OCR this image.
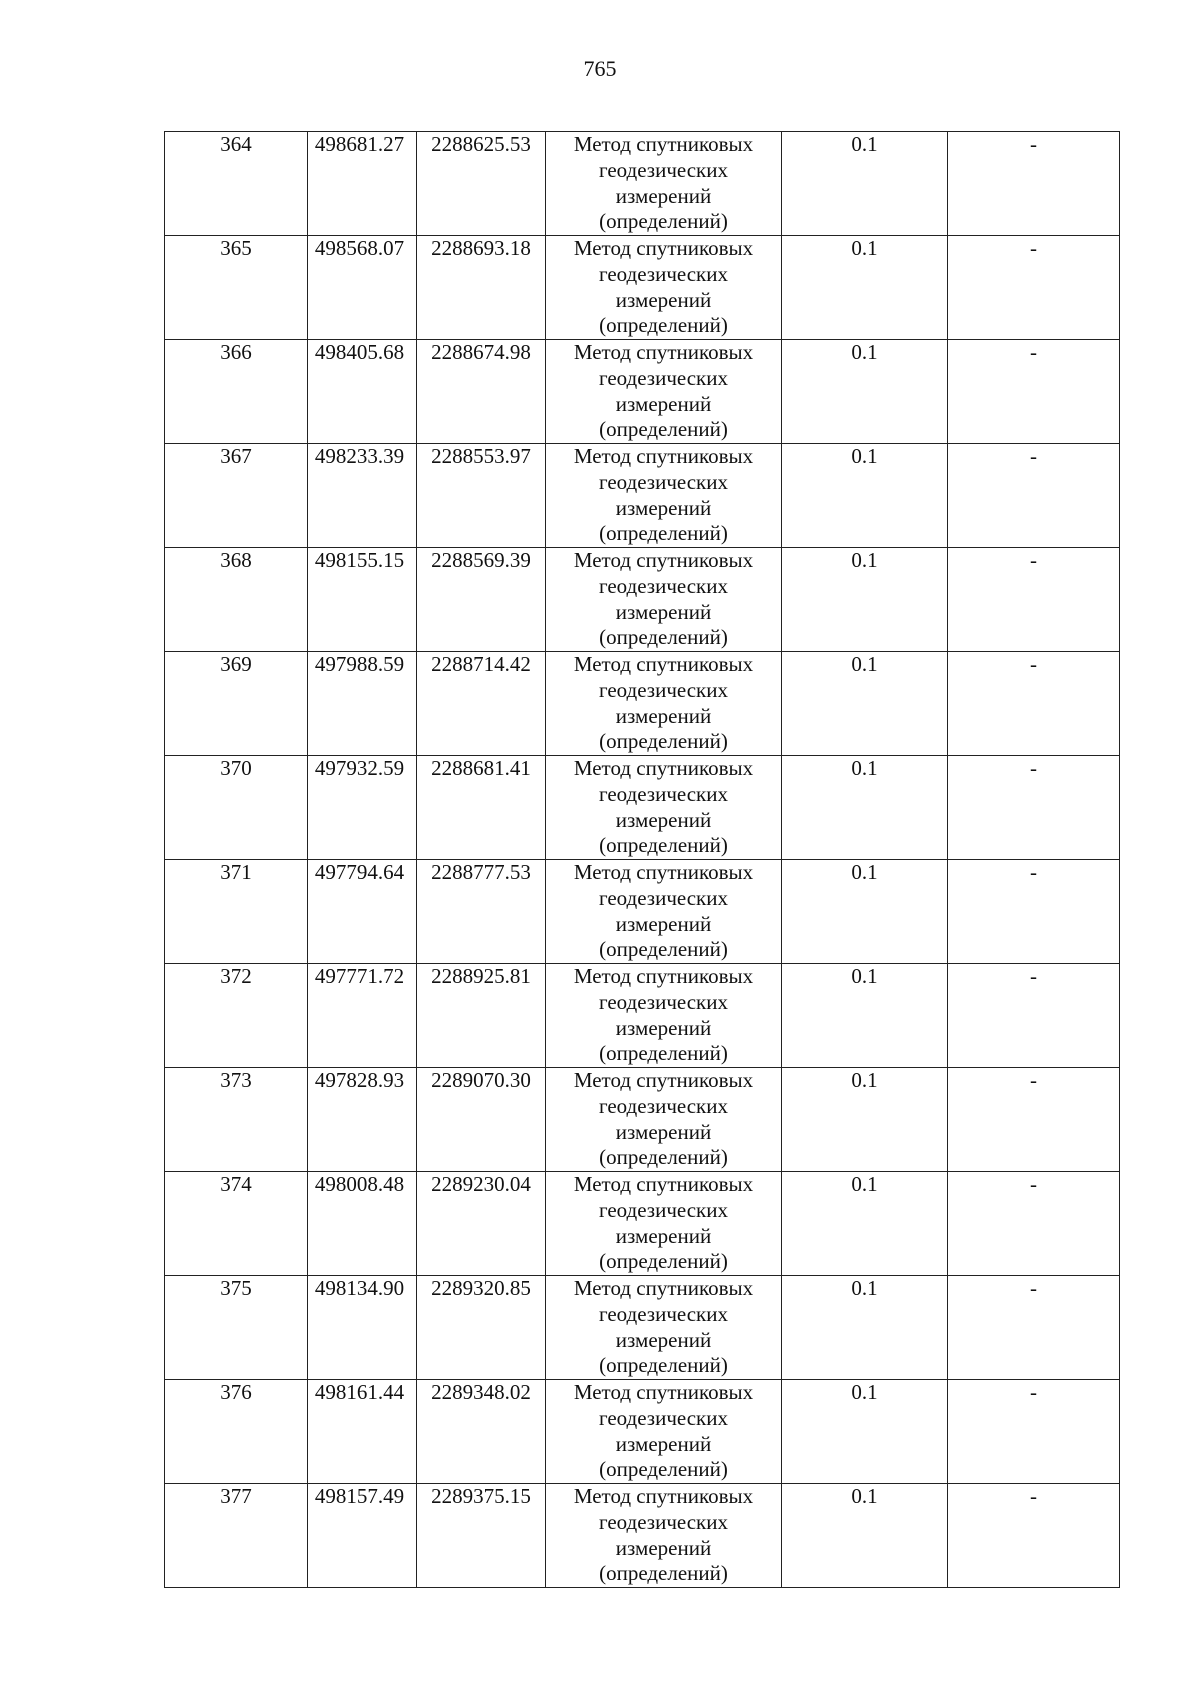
765
364	498681.27	2288625.53	Метод спутниковых
геодезических
измерений
(определений)	0.1	-

365	498568.07	2288693.18	Метод спутниковых
геодезических
измерений
(определений)	0.1	-

366	498405.68	2288674.98	Метод спутниковых
геодезических
измерений
(определений)	0.1	-

367	498233.39	2288553.97	Метод спутниковых
геодезических
измерений
(определений)	0.1	-

368	498155.15	2288569.39	Метод спутниковых
геодезических
измерений
(определений)	0.1	-

369	497988.59	2288714.42	Метод спутниковых
геодезических
измерений
(определений)	0.1	-

370	497932.59	2288681.41	Метод спутниковых
геодезических
измерений
(определений)	0.1	-

371	497794.64	2288777.53	Метод спутниковых
геодезических
измерений
(определений)	0.1	-

372	497771.72	2288925.81	Метод спутниковых
геодезических
измерений
(определений)	0.1	-

373	497828.93	2289070.30	Метод спутниковых
геодезических
измерений
(определений)	0.1	-

374	498008.48	2289230.04	Метод спутниковых
геодезических
измерений
(определений)	0.1	-

375	498134.90	2289320.85	Метод спутниковых
геодезических
измерений
(определений)	0.1	-

376	498161.44	2289348.02	Метод спутниковых
геодезических
измерений
(определений)	0.1	-

377	498157.49	2289375.15	Метод спутниковых
геодезических
измерений
(определений)	0.1	-
